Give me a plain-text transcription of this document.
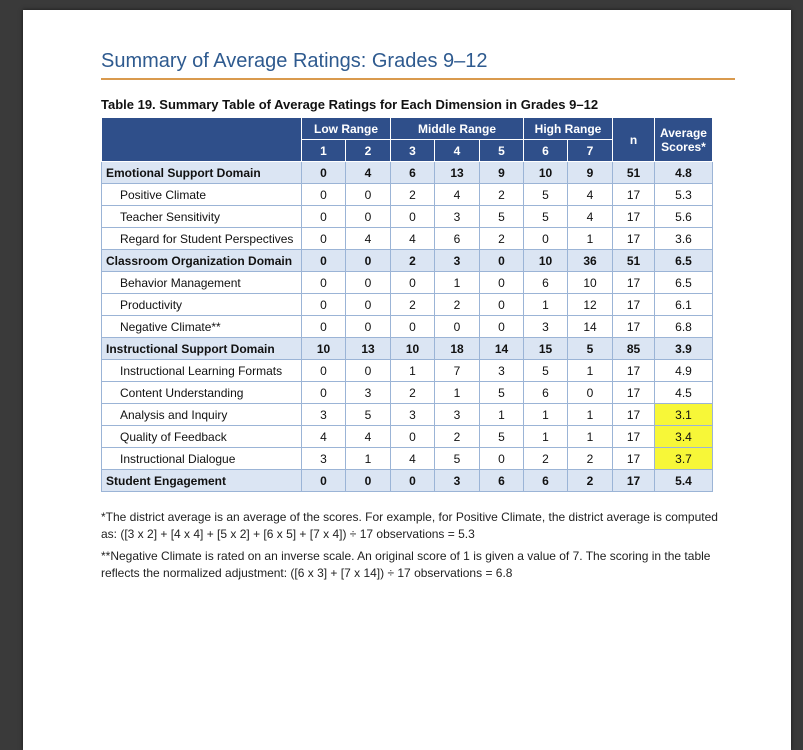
Summary of Average Ratings: Grades 9–12
Table 19. Summary Table of Average Ratings for Each Dimension in Grades 9–12
	Low Range		Middle Range			High Range		n	Average
Scores*

	1	2	3	4	5	6	7		
Emotional Support Domain	0	4	6	13	9	10	9	51	4.8
Positive Climate	0	0	2	4	2	5	4	17	5.3
Teacher Sensitivity	0	0	0	3	5	5	4	17	5.6
Regard for Student Perspectives	0	4	4	6	2	0	1	17	3.6
Classroom Organization Domain	0	0	2	3	0	10	36	51	6.5
Behavior Management	0	0	0	1	0	6	10	17	6.5
Productivity	0	0	2	2	0	1	12	17	6.1
Negative Climate**	0	0	0	0	0	3	14	17	6.8
Instructional Support Domain	10	13	10	18	14	15	5	85	3.9
Instructional Learning Formats	0	0	1	7	3	5	1	17	4.9
Content Understanding	0	3	2	1	5	6	0	17	4.5
Analysis and Inquiry	3	5	3	3	1	1	1	17	3.1
Quality of Feedback	4	4	0	2	5	1	1	17	3.4
Instructional Dialogue	3	1	4	5	0	2	2	17	3.7
Student Engagement	0	0	0	3	6	6	2	17	5.4
*The district average is an average of the scores. For example, for Positive Climate, the district average is computed as: ([3 x 2] + [4 x 4] + [5 x 2] + [6 x 5] + [7 x 4]) ÷ 17 observations = 5.3
**Negative Climate is rated on an inverse scale. An original score of 1 is given a value of 7. The scoring in the table reflects the normalized adjustment: ([6 x 3] + [7 x 14]) ÷ 17 observations = 6.8
